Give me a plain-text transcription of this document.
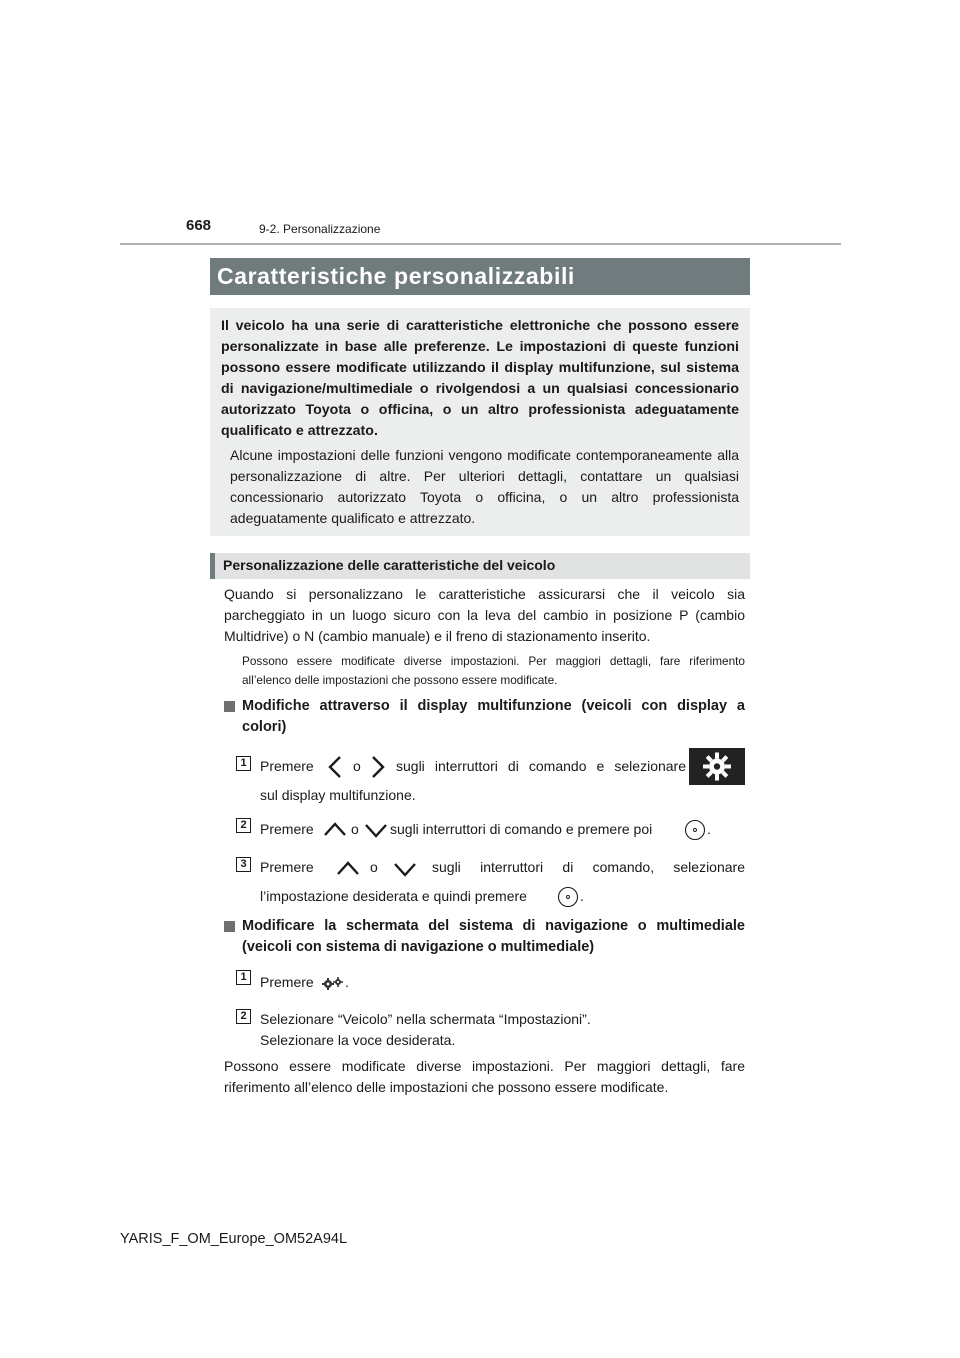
668	9-2. Personalizzazione
Caratteristiche personalizzabili
Il veicolo ha una serie di caratteristiche elettroniche che possono essere personalizzate in base alle preferenze. Le impostazioni di queste funzioni possono essere modificate utilizzando il display multifunzione, sul sistema di navigazione/multimediale o rivolgendosi a un qualsiasi concessionario autorizzato Toyota o officina, o un altro professionista adeguatamente qualificato e attrezzato.
Alcune impostazioni delle funzioni vengono modificate contemporaneamente alla personalizzazione di altre. Per ulteriori dettagli, contattare un qualsiasi concessionario autorizzato Toyota o officina, o un altro professionista adeguatamente qualificato e attrezzato.
Personalizzazione delle caratteristiche del veicolo
Quando si personalizzano le caratteristiche assicurarsi che il veicolo sia parcheggiato in un luogo sicuro con la leva del cambio in posizione P (cambio Multidrive) o N (cambio manuale) e il freno di stazionamento inserito.
Possono essere modificate diverse impostazioni. Per maggiori dettagli, fare riferimento all’elenco delle impostazioni che possono essere modificate.
Modifiche attraverso il display multifunzione (veicoli con display a colori)
1 Premere	o	sugli interruttori di comando e selezionare
sul display multifunzione.
2 Premere	o sugli interruttori di comando e premere poi	.
3 Premere	o	sugli interruttori di comando, selezionare
l’impostazione desiderata e quindi premere	.
Modificare la schermata del sistema di navigazione o multimediale (veicoli con sistema di navigazione o multimediale)
1 Premere .
2 Selezionare “Veicolo” nella schermata “Impostazioni”.
Selezionare la voce desiderata.
Possono essere modificate diverse impostazioni. Per maggiori dettagli, fare riferimento all’elenco delle impostazioni che possono essere modificate.
YARIS_F_OM_Europe_OM52A94L
